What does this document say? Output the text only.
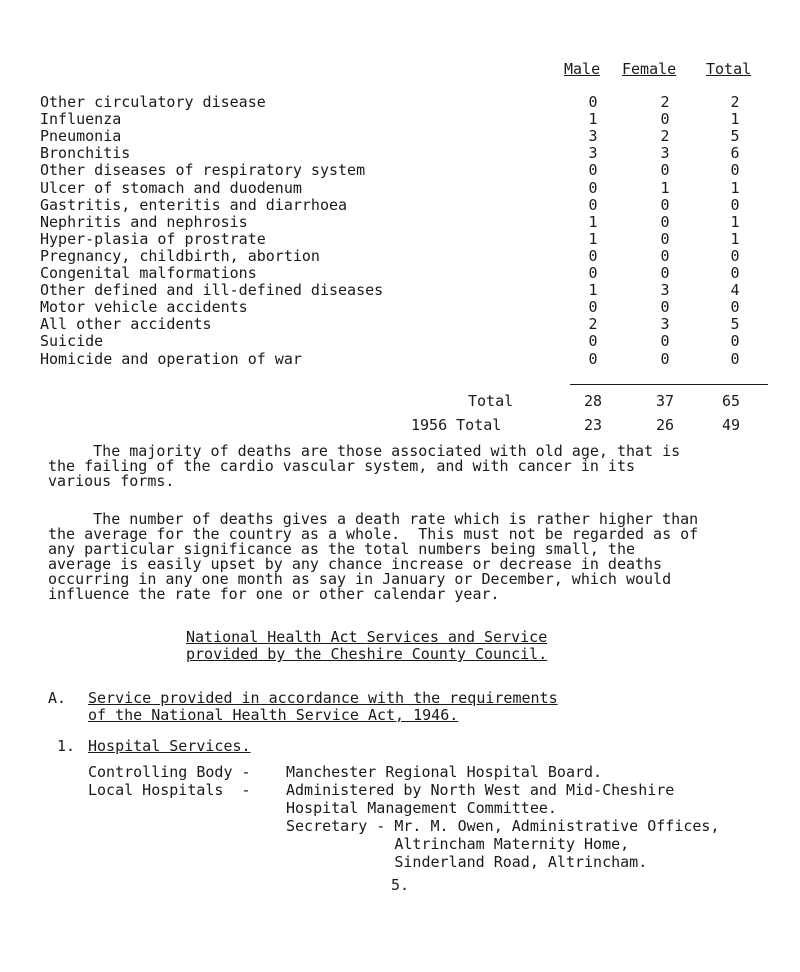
Male Female Total
Other circulatory disease	0	2	2
Influenza	1	0	1
Pneumonia	3	2	5
Bronchitis	3	3	6
Other diseases of respiratory system	0	0	0
Ulcer of stomach and duodenum	0	1	1
Gastritis, enteritis and diarrhoea	0	0	0
Nephritis and nephrosis	1	0	1
Hyper-plasia of prostrate	1	0	1
Pregnancy, childbirth, abortion	0	0	0
Congenital malformations	0	0	0
Other defined and ill-defined diseases	1	3	4
Motor vehicle accidents	0	0	0
All other accidents	2	3	5
Suicide	0	0	0
Homicide and operation of war	0	0	0
Total	28	37	65
1956 Total	23	26	49
The majority of deaths are those associated with old age, that is
the failing of the cardio vascular system, and with cancer in its
various forms.
The number of deaths gives a death rate which is rather higher than
the average for the country as a whole.  This must not be regarded as of
any particular significance as the total numbers being small, the
average is easily upset by any chance increase or decrease in deaths
occurring in any one month as say in January or December, which would
influence the rate for one or other calendar year.
National Health Act Services and Service
provided by the Cheshire County Council.
A. Service provided in accordance with the requirements
of the National Health Service Act, 1946.
1. Hospital Services.
Controlling Body - Manchester Regional Hospital Board.
Local Hospitals  - Administered by North West and Mid-Cheshire
Hospital Management Committee.
Secretary - Mr. M. Owen, Administrative Offices,
Altrincham Maternity Home,
Sinderland Road, Altrincham.
5.
